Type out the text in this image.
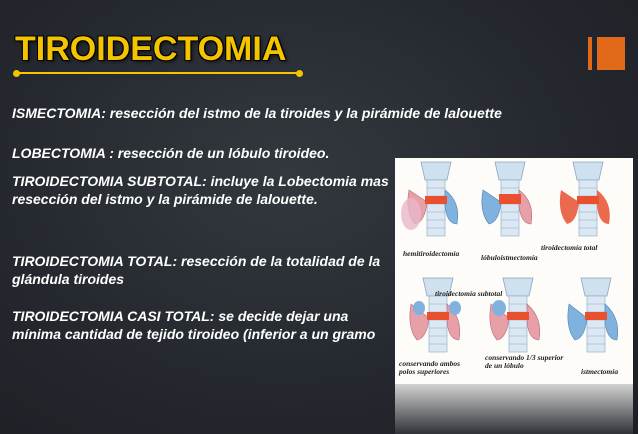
TIROIDECTOMIA
ISMECTOMIA: resección del istmo de la tiroides y la pirámide de lalouette
LOBECTOMIA : resección de un lóbulo tiroideo.
TIROIDECTOMIA SUBTOTAL: incluye la Lobectomia mas resección del istmo y la pirámide de lalouette.
TIROIDECTOMIA TOTAL: resección de la totalidad de la glándula tiroides
TIROIDECTOMIA CASI TOTAL: se decide dejar una mínima cantidad de tejido tiroideo (inferior a un gramo
hemitiroidectomía	lóbuloistmectomía
tiroidectomía total
tiroidectomía subtotal
conservando ambos polos superiores
conservando 1/3 superior de un lóbulo
istmectomía
